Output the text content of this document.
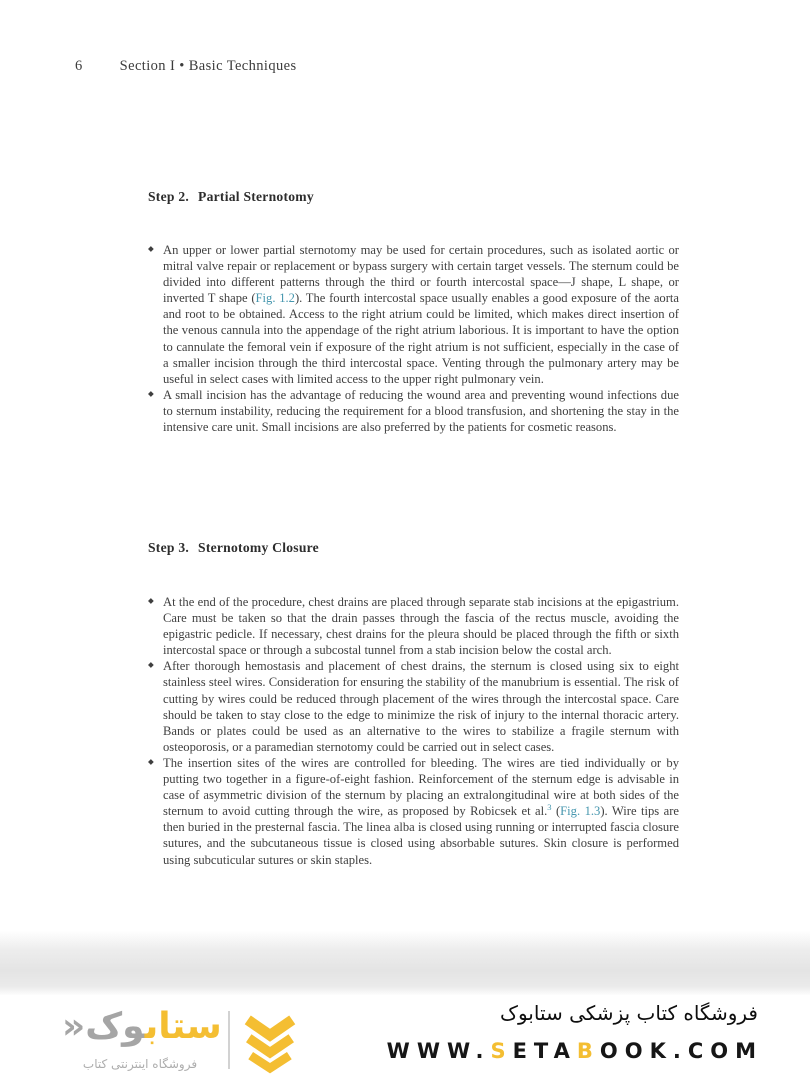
6	Section I • Basic Techniques
Step 2. Partial Sternotomy

◆ An upper or lower partial sternotomy may be used for certain procedures, such as isolated aortic or mitral valve repair or replacement or bypass surgery with certain target vessels. The sternum could be divided into different patterns through the third or fourth intercostal space—J shape, L shape, or inverted T shape (Fig. 1.2). The fourth intercostal space usually enables a good exposure of the aorta and root to be obtained. Access to the right atrium could be limited, which makes direct insertion of the venous cannula into the appendage of the right atrium laborious. It is important to have the option to cannulate the femoral vein if exposure of the right atrium is not sufficient, especially in the case of a smaller incision through the third intercostal space. Venting through the pulmonary artery may be useful in select cases with limited access to the upper right pulmonary vein.

◆ A small incision has the advantage of reducing the wound area and preventing wound infections due to sternum instability, reducing the requirement for a blood transfusion, and shortening the stay in the intensive care unit. Small incisions are also preferred by the patients for cosmetic reasons.

Step 3. Sternotomy Closure

◆ At the end of the procedure, chest drains are placed through separate stab incisions at the epigastrium. Care must be taken so that the drain passes through the fascia of the rectus muscle, avoiding the epigastric pedicle. If necessary, chest drains for the pleura should be placed through the fifth or sixth intercostal space or through a subcostal tunnel from a stab incision below the costal arch.

◆ After thorough hemostasis and placement of chest drains, the sternum is closed using six to eight stainless steel wires. Consideration for ensuring the stability of the manubrium is essential. The risk of cutting by wires could be reduced through placement of the wires through the intercostal space. Care should be taken to stay close to the edge to minimize the risk of injury to the internal thoracic artery. Bands or plates could be used as an alternative to the wires to stabilize a fragile sternum with osteoporosis, or a paramedian sternotomy could be carried out in select cases.

◆ The insertion sites of the wires are controlled for bleeding. The wires are tied individually or by putting two together in a figure-of-eight fashion. Reinforcement of the sternum edge is advisable in case of asymmetric division of the sternum by placing an extralongitudinal wire at both sides of the sternum to avoid cutting through the wire, as proposed by Robicsek et al.$^3$ (Fig. 1.3). Wire tips are then buried in the presternal fascia. The linea alba is closed using running or interrupted fascia closure sutures, and the subcutaneous tissue is closed using absorbable sutures. Skin closure is performed using subcuticular sutures or skin staples.

ستابوک«
فروشگاه اینترنتی کتاب
فروشگاه کتاب پزشکی ستابوک
WWW.SETABOOK.COM
